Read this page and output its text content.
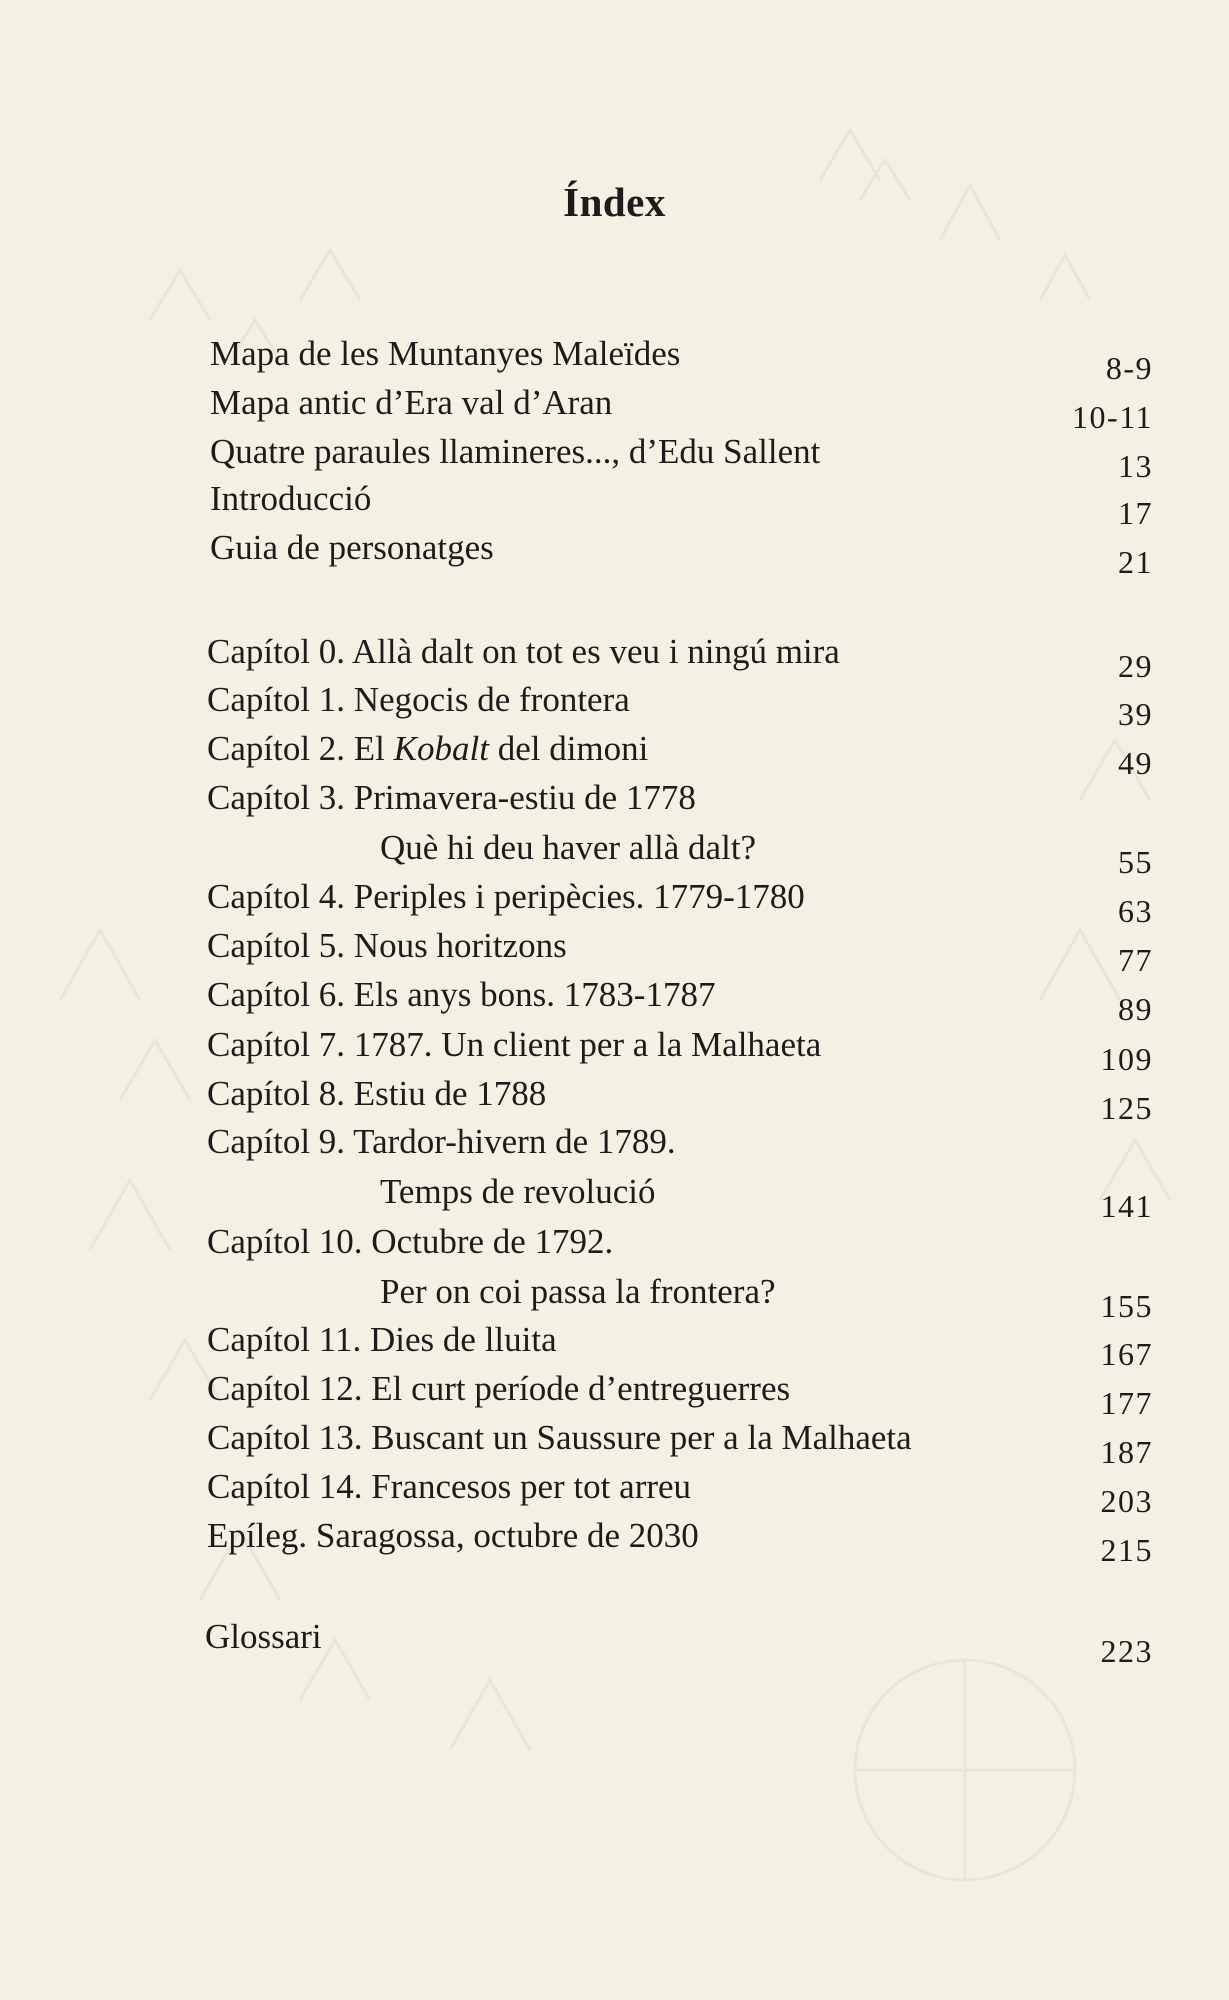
Índex
Mapa de les Muntanyes Maleïdes	8-9
Mapa antic d’Era val d’Aran	10-11
Quatre paraules llamineres..., d’Edu Sallent	13
Introducció	17
Guia de personatges	21
Capítol 0. Allà dalt on tot es veu i ningú mira	29
Capítol 1. Negocis de frontera	39
Capítol 2. El Kobalt del dimoni	49
Capítol 3. Primavera-estiu de 1778
Què hi deu haver allà dalt?	55
Capítol 4. Periples i peripècies. 1779-1780	63
Capítol 5. Nous horitzons	77
Capítol 6. Els anys bons. 1783-1787	89
Capítol 7. 1787. Un client per a la Malhaeta	109
Capítol 8. Estiu de 1788	125
Capítol 9. Tardor-hivern de 1789.
Temps de revolució	141
Capítol 10. Octubre de 1792.
Per on coi passa la frontera?	155
Capítol 11. Dies de lluita	167
Capítol 12. El curt període d’entreguerres	177
Capítol 13. Buscant un Saussure per a la Malhaeta	187
Capítol 14. Francesos per tot arreu	203
Epíleg. Saragossa, octubre de 2030	215
Glossari	223
